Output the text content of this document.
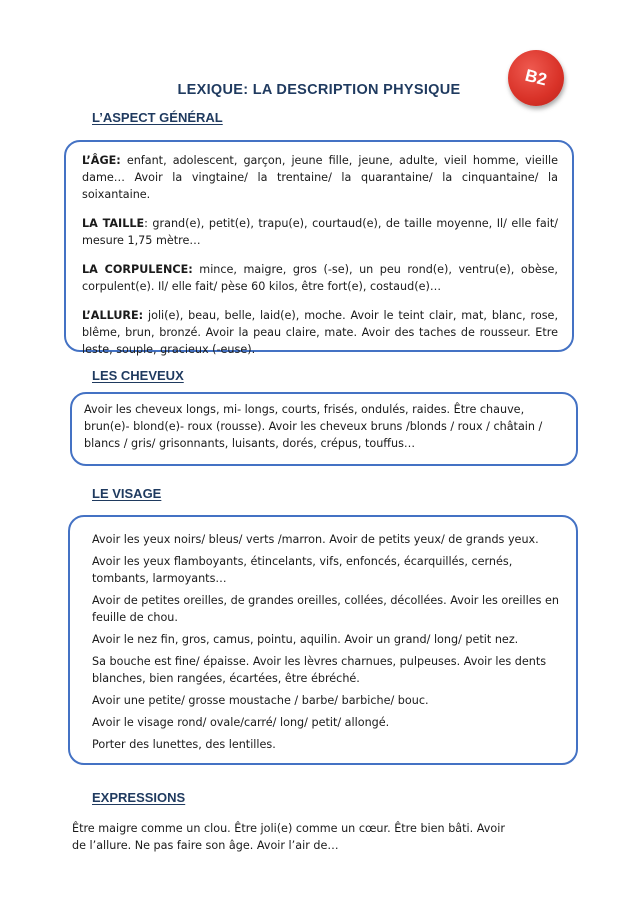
B2
LEXIQUE: LA DESCRIPTION PHYSIQUE
L’ASPECT GÉNÉRAL

L’ÂGE: enfant, adolescent, garçon, jeune fille, jeune, adulte, vieil homme, vieille dame… Avoir la vingtaine/ la trentaine/ la quarantaine/ la cinquantaine/ la soixantaine.

LA TAILLE: grand(e), petit(e), trapu(e), courtaud(e), de taille moyenne, Il/ elle fait/ mesure 1,75 mètre…

LA CORPULENCE: mince, maigre, gros (-se), un peu rond(e), ventru(e), obèse, corpulent(e). Il/ elle fait/ pèse 60 kilos, être fort(e), costaud(e)…

L’ALLURE: joli(e), beau, belle, laid(e), moche. Avoir le teint clair, mat, blanc, rose, blême, brun, bronzé. Avoir la peau claire, mate. Avoir des taches de rousseur. Etre leste, souple, gracieux (-euse).

LES CHEVEUX

Avoir les cheveux longs, mi- longs, courts, frisés, ondulés, raides. Être chauve, brun(e)- blond(e)- roux (rousse). Avoir les cheveux bruns /blonds / roux / châtain / blancs / gris/ grisonnants, luisants, dorés, crépus, touffus…

LE VISAGE

Avoir les yeux noirs/ bleus/ verts /marron. Avoir de petits yeux/ de grands yeux.

Avoir les yeux flamboyants, étincelants, vifs, enfoncés, écarquillés, cernés, tombants, larmoyants…

Avoir de petites oreilles, de grandes oreilles, collées, décollées. Avoir les oreilles en feuille de chou.

Avoir le nez fin, gros, camus, pointu, aquilin. Avoir un grand/ long/ petit nez.

Sa bouche est fine/ épaisse. Avoir les lèvres charnues, pulpeuses. Avoir les dents blanches, bien rangées, écartées, être ébréché.

Avoir une petite/ grosse moustache / barbe/ barbiche/ bouc.

Avoir le visage rond/ ovale/carré/ long/ petit/ allongé.

Porter des lunettes, des lentilles.

EXPRESSIONS
Être maigre comme un clou. Être joli(e) comme un cœur. Être bien bâti. Avoir de l’allure. Ne pas faire son âge. Avoir l’air de…
